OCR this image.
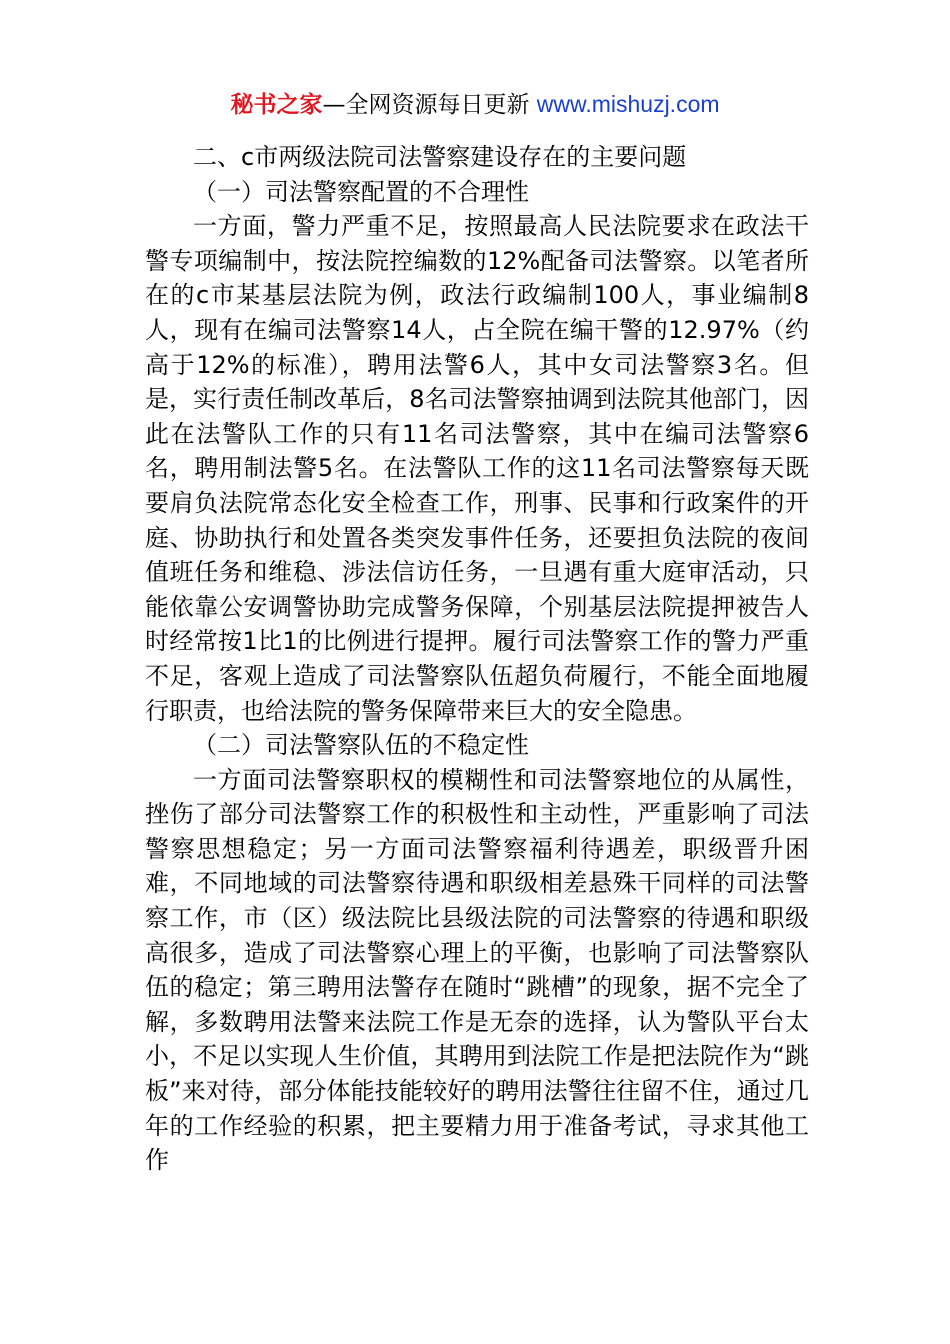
秘书之家—全网资源每日更新 www.mishuzj.com

二、c市两级法院司法警察建设存在的主要问题

（一）司法警察配置的不合理性

一方面，警力严重不足，按照最高人民法院要求在政法干警专项编制中，按法院控编数的12%配备司法警察。以笔者所在的c市某基层法院为例，政法行政编制100人，事业编制8人，现有在编司法警察14人，占全院在编干警的12.97%（约高于12%的标准），聘用法警6人，其中女司法警察3名。但是，实行责任制改革后，8名司法警察抽调到法院其他部门，因此在法警队工作的只有11名司法警察，其中在编司法警察6名，聘用制法警5名。在法警队工作的这11名司法警察每天既要肩负法院常态化安全检查工作，刑事、民事和行政案件的开庭、协助执行和处置各类突发事件任务，还要担负法院的夜间值班任务和维稳、涉法信访任务，一旦遇有重大庭审活动，只能依靠公安调警协助完成警务保障，个别基层法院提押被告人时经常按1比1的比例进行提押。履行司法警察工作的警力严重不足，客观上造成了司法警察队伍超负荷履行，不能全面地履行职责，也给法院的警务保障带来巨大的安全隐患。

（二）司法警察队伍的不稳定性

一方面司法警察职权的模糊性和司法警察地位的从属性，挫伤了部分司法警察工作的积极性和主动性，严重影响了司法警察思想稳定；另一方面司法警察福利待遇差，职级晋升困难，不同地域的司法警察待遇和职级相差悬殊干同样的司法警察工作，市（区）级法院比县级法院的司法警察的待遇和职级高很多，造成了司法警察心理上的平衡，也影响了司法警察队伍的稳定；第三聘用法警存在随时“跳槽”的现象，据不完全了解，多数聘用法警来法院工作是无奈的选择，认为警队平台太小，不足以实现人生价值，其聘用到法院工作是把法院作为“跳板”来对待，部分体能技能较好的聘用法警往往留不住，通过几年的工作经验的积累，把主要精力用于准备考试，寻求其他工作
